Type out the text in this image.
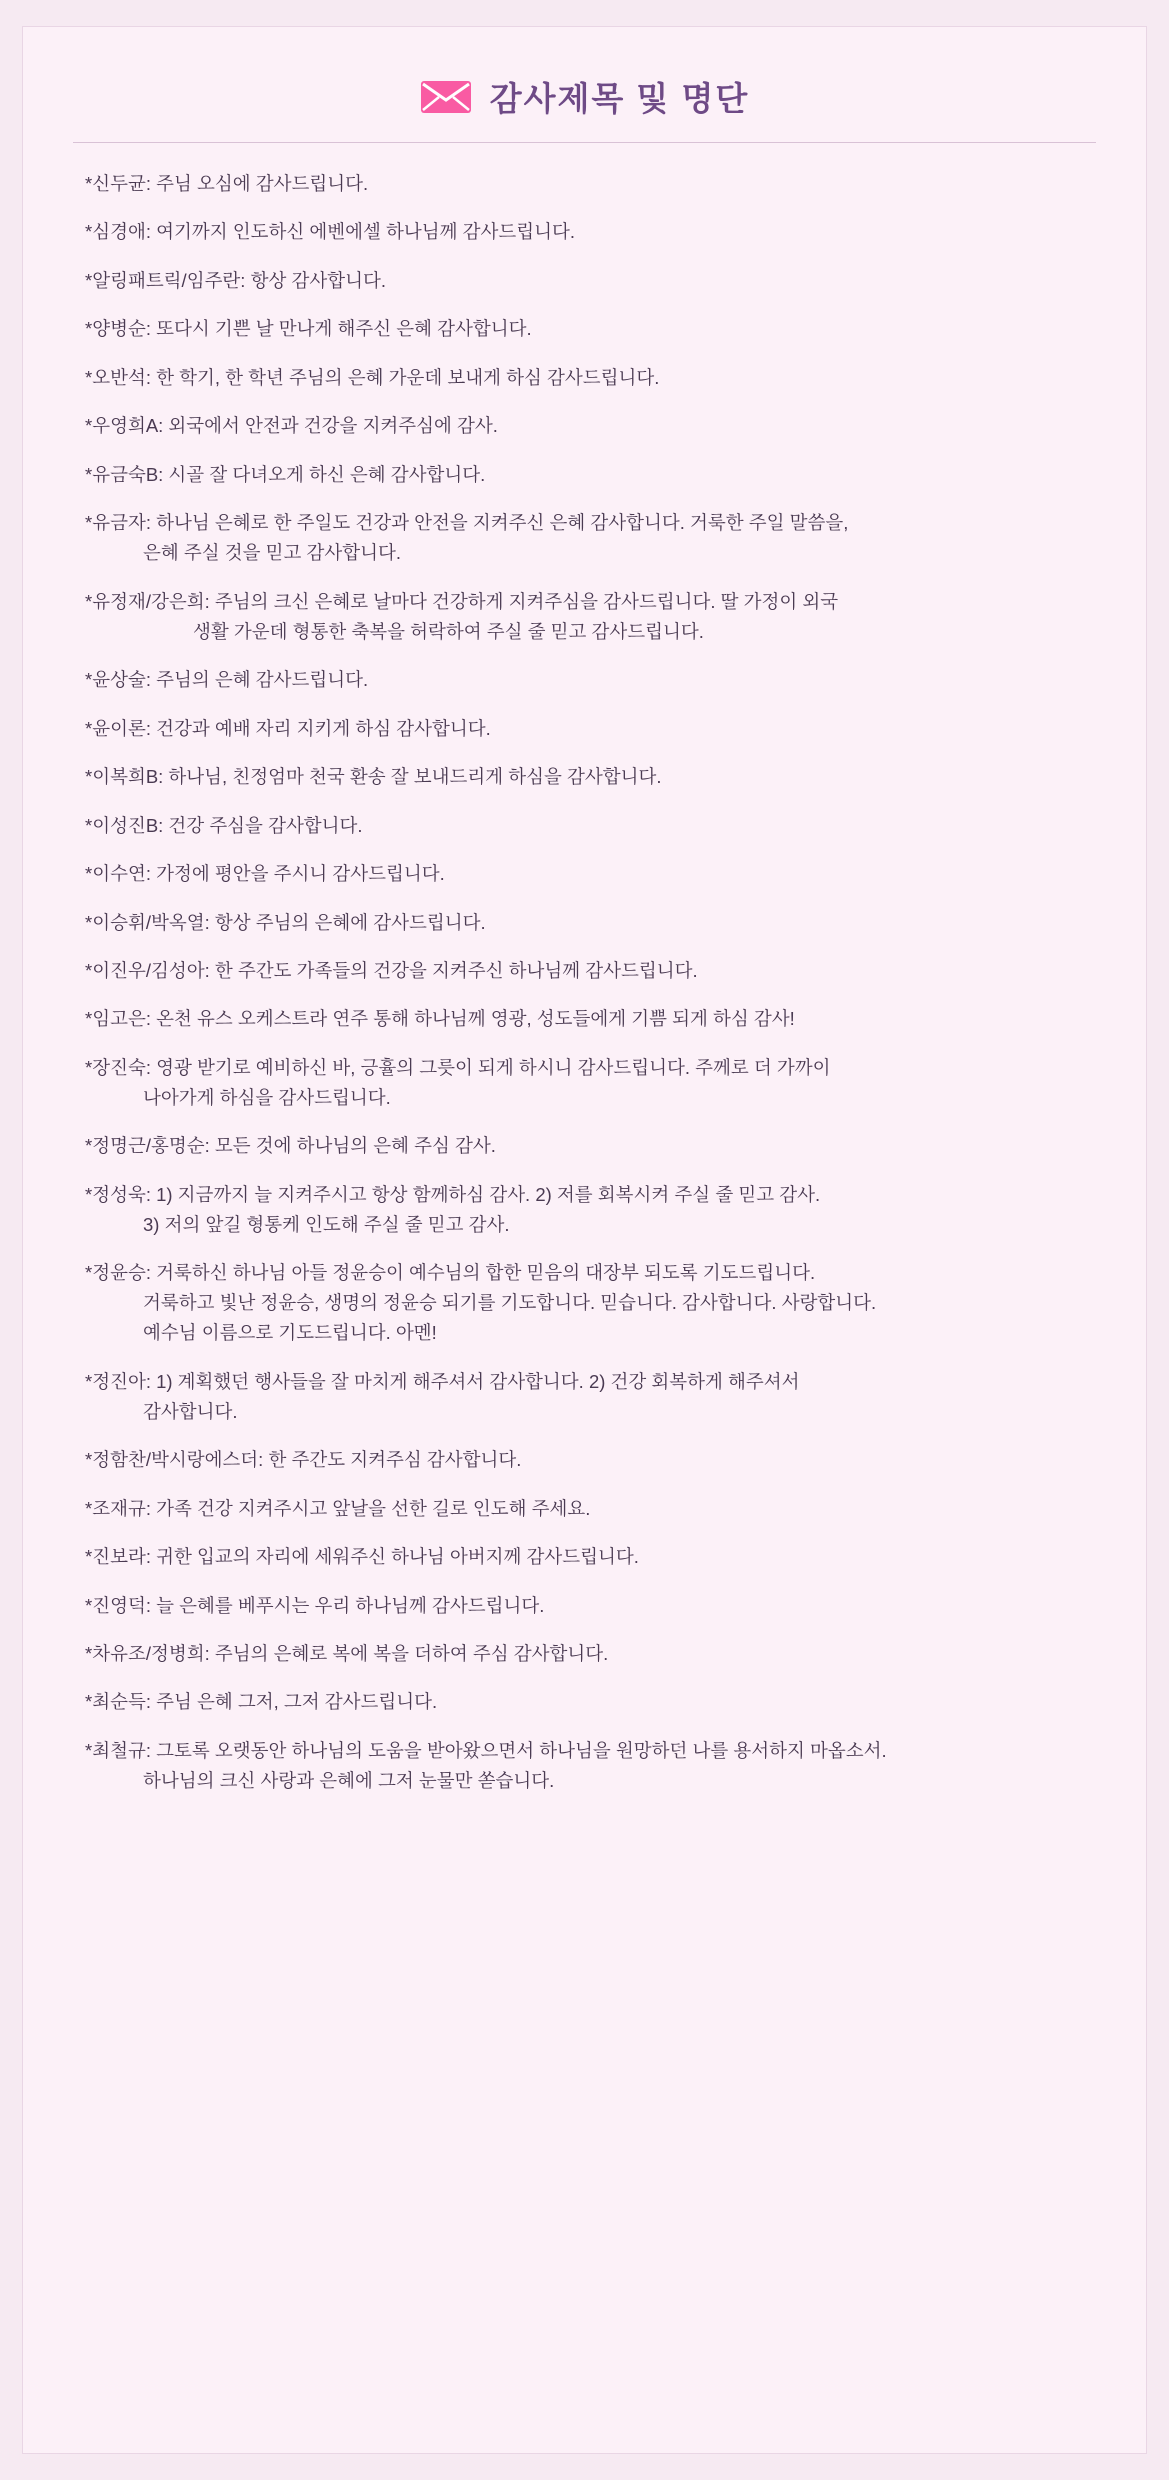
감사제목 및 명단

*신두균: 주님 오심에 감사드립니다.

*심경애: 여기까지 인도하신 에벤에셀 하나님께 감사드립니다.

*알링패트릭/임주란: 항상 감사합니다.

*양병순: 또다시 기쁜 날 만나게 해주신 은혜 감사합니다.

*오반석: 한 학기, 한 학년 주님의 은혜 가운데 보내게 하심 감사드립니다.

*우영희A: 외국에서 안전과 건강을 지켜주심에 감사.

*유금숙B: 시골 잘 다녀오게 하신 은혜 감사합니다.

*유금자: 하나님 은혜로 한 주일도 건강과 안전을 지켜주신 은혜 감사합니다. 거룩한 주일 말씀을,
은혜 주실 것을 믿고 감사합니다.

*유정재/강은희: 주님의 크신 은혜로 날마다 건강하게 지켜주심을 감사드립니다. 딸 가정이 외국
생활 가운데 형통한 축복을 허락하여 주실 줄 믿고 감사드립니다.

*윤상술: 주님의 은혜 감사드립니다.

*윤이론: 건강과 예배 자리 지키게 하심 감사합니다.

*이복희B: 하나님, 친정엄마 천국 환송 잘 보내드리게 하심을 감사합니다.

*이성진B: 건강 주심을 감사합니다.

*이수연: 가정에 평안을 주시니 감사드립니다.

*이승휘/박옥열: 항상 주님의 은혜에 감사드립니다.

*이진우/김성아: 한 주간도 가족들의 건강을 지켜주신 하나님께 감사드립니다.

*임고은: 온천 유스 오케스트라 연주 통해 하나님께 영광, 성도들에게 기쁨 되게 하심 감사!

*장진숙: 영광 받기로 예비하신 바, 긍휼의 그릇이 되게 하시니 감사드립니다. 주께로 더 가까이
나아가게 하심을 감사드립니다.

*정명근/홍명순: 모든 것에 하나님의 은혜 주심 감사.

*정성욱: 1) 지금까지 늘 지켜주시고 항상 함께하심 감사. 2) 저를 회복시켜 주실 줄 믿고 감사.
3) 저의 앞길 형통케 인도해 주실 줄 믿고 감사.

*정윤승: 거룩하신 하나님 아들 정윤승이 예수님의 합한 믿음의 대장부 되도록 기도드립니다.
거룩하고 빛난 정윤승, 생명의 정윤승 되기를 기도합니다. 믿습니다. 감사합니다. 사랑합니다.
예수님 이름으로 기도드립니다. 아멘!

*정진아: 1) 계획했던 행사들을 잘 마치게 해주셔서 감사합니다. 2) 건강 회복하게 해주셔서
감사합니다.

*정함찬/박시랑에스더: 한 주간도 지켜주심 감사합니다.

*조재규: 가족 건강 지켜주시고 앞날을 선한 길로 인도해 주세요.

*진보라: 귀한 입교의 자리에 세워주신 하나님 아버지께 감사드립니다.

*진영덕: 늘 은혜를 베푸시는 우리 하나님께 감사드립니다.

*차유조/정병희: 주님의 은혜로 복에 복을 더하여 주심 감사합니다.

*최순득: 주님 은혜 그저, 그저 감사드립니다.

*최철규: 그토록 오랫동안 하나님의 도움을 받아왔으면서 하나님을 원망하던 나를 용서하지 마옵소서.
하나님의 크신 사랑과 은혜에 그저 눈물만 쏟습니다.
